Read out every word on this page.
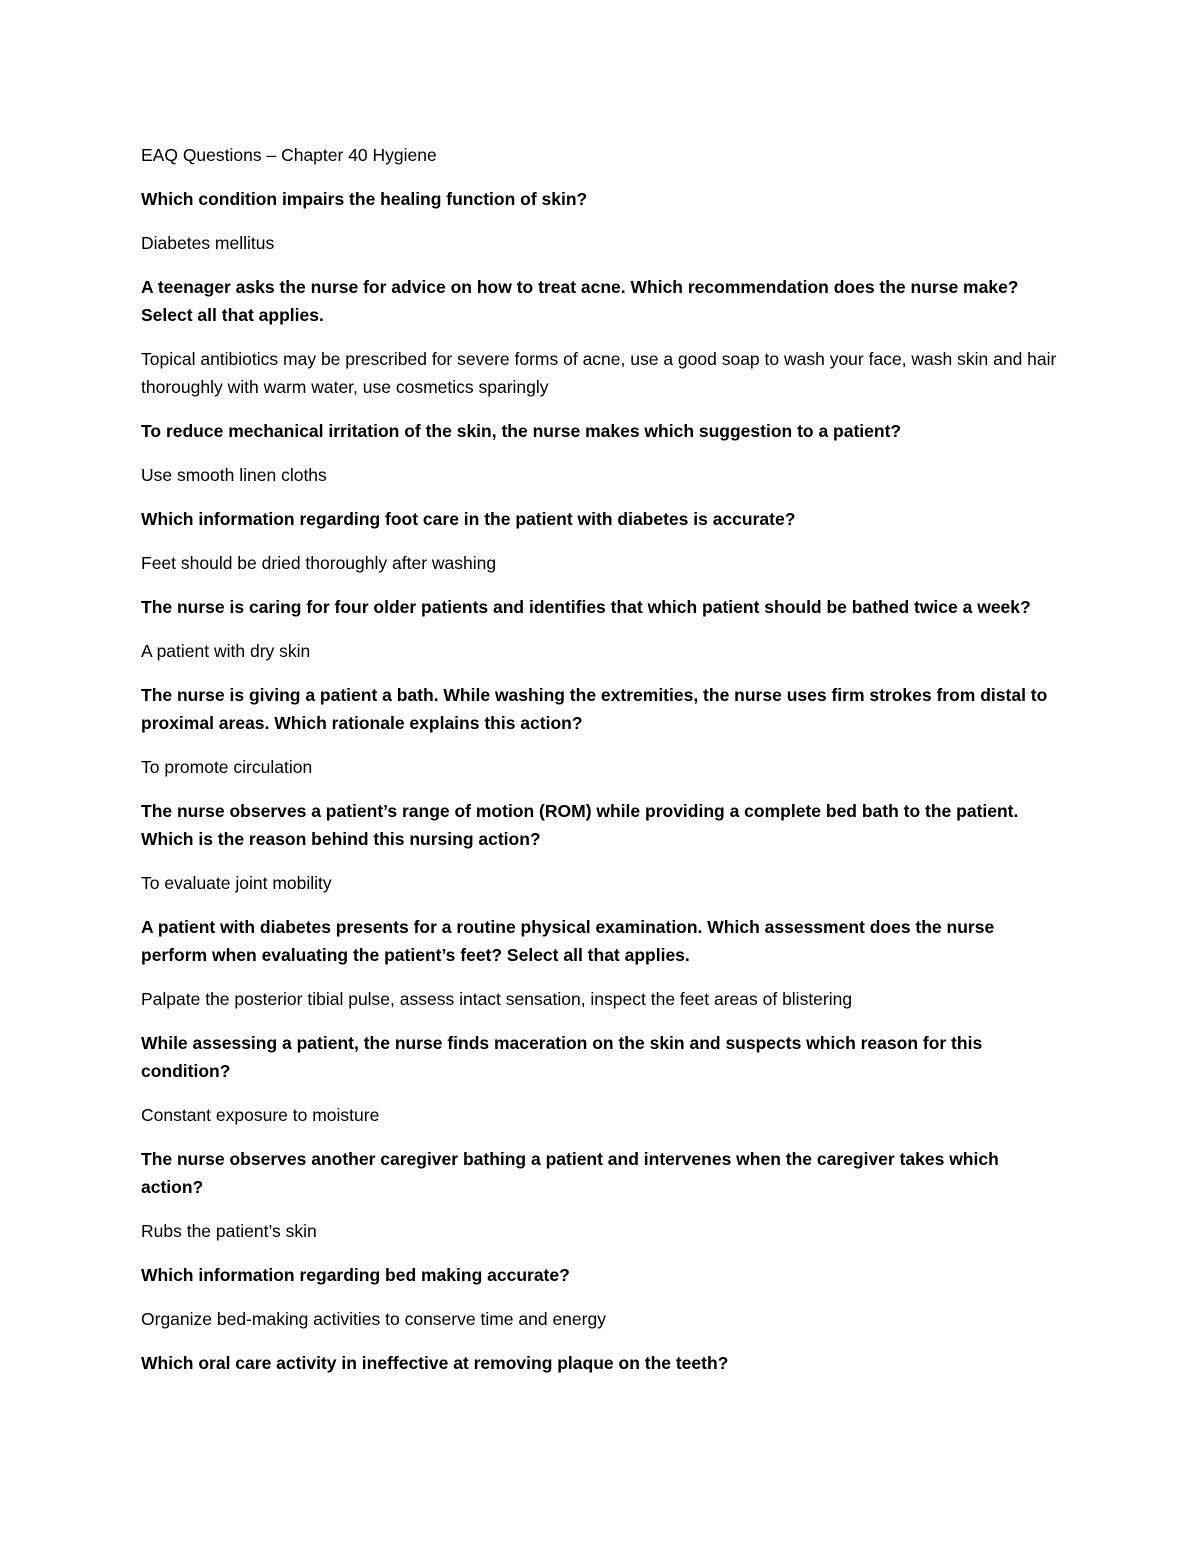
EAQ Questions – Chapter 40 Hygiene

Which condition impairs the healing function of skin?

Diabetes mellitus

A teenager asks the nurse for advice on how to treat acne. Which recommendation does the nurse make? Select all that applies.

Topical antibiotics may be prescribed for severe forms of acne, use a good soap to wash your face, wash skin and hair thoroughly with warm water, use cosmetics sparingly

To reduce mechanical irritation of the skin, the nurse makes which suggestion to a patient?

Use smooth linen cloths

Which information regarding foot care in the patient with diabetes is accurate?

Feet should be dried thoroughly after washing

The nurse is caring for four older patients and identifies that which patient should be bathed twice a week?

A patient with dry skin

The nurse is giving a patient a bath. While washing the extremities, the nurse uses firm strokes from distal to proximal areas. Which rationale explains this action?

To promote circulation

The nurse observes a patient’s range of motion (ROM) while providing a complete bed bath to the patient. Which is the reason behind this nursing action?

To evaluate joint mobility

A patient with diabetes presents for a routine physical examination. Which assessment does the nurse perform when evaluating the patient’s feet? Select all that applies.

Palpate the posterior tibial pulse, assess intact sensation, inspect the feet areas of blistering

While assessing a patient, the nurse finds maceration on the skin and suspects which reason for this condition?

Constant exposure to moisture

The nurse observes another caregiver bathing a patient and intervenes when the caregiver takes which action?

Rubs the patient’s skin

Which information regarding bed making accurate?

Organize bed-making activities to conserve time and energy

Which oral care activity in ineffective at removing plaque on the teeth?
